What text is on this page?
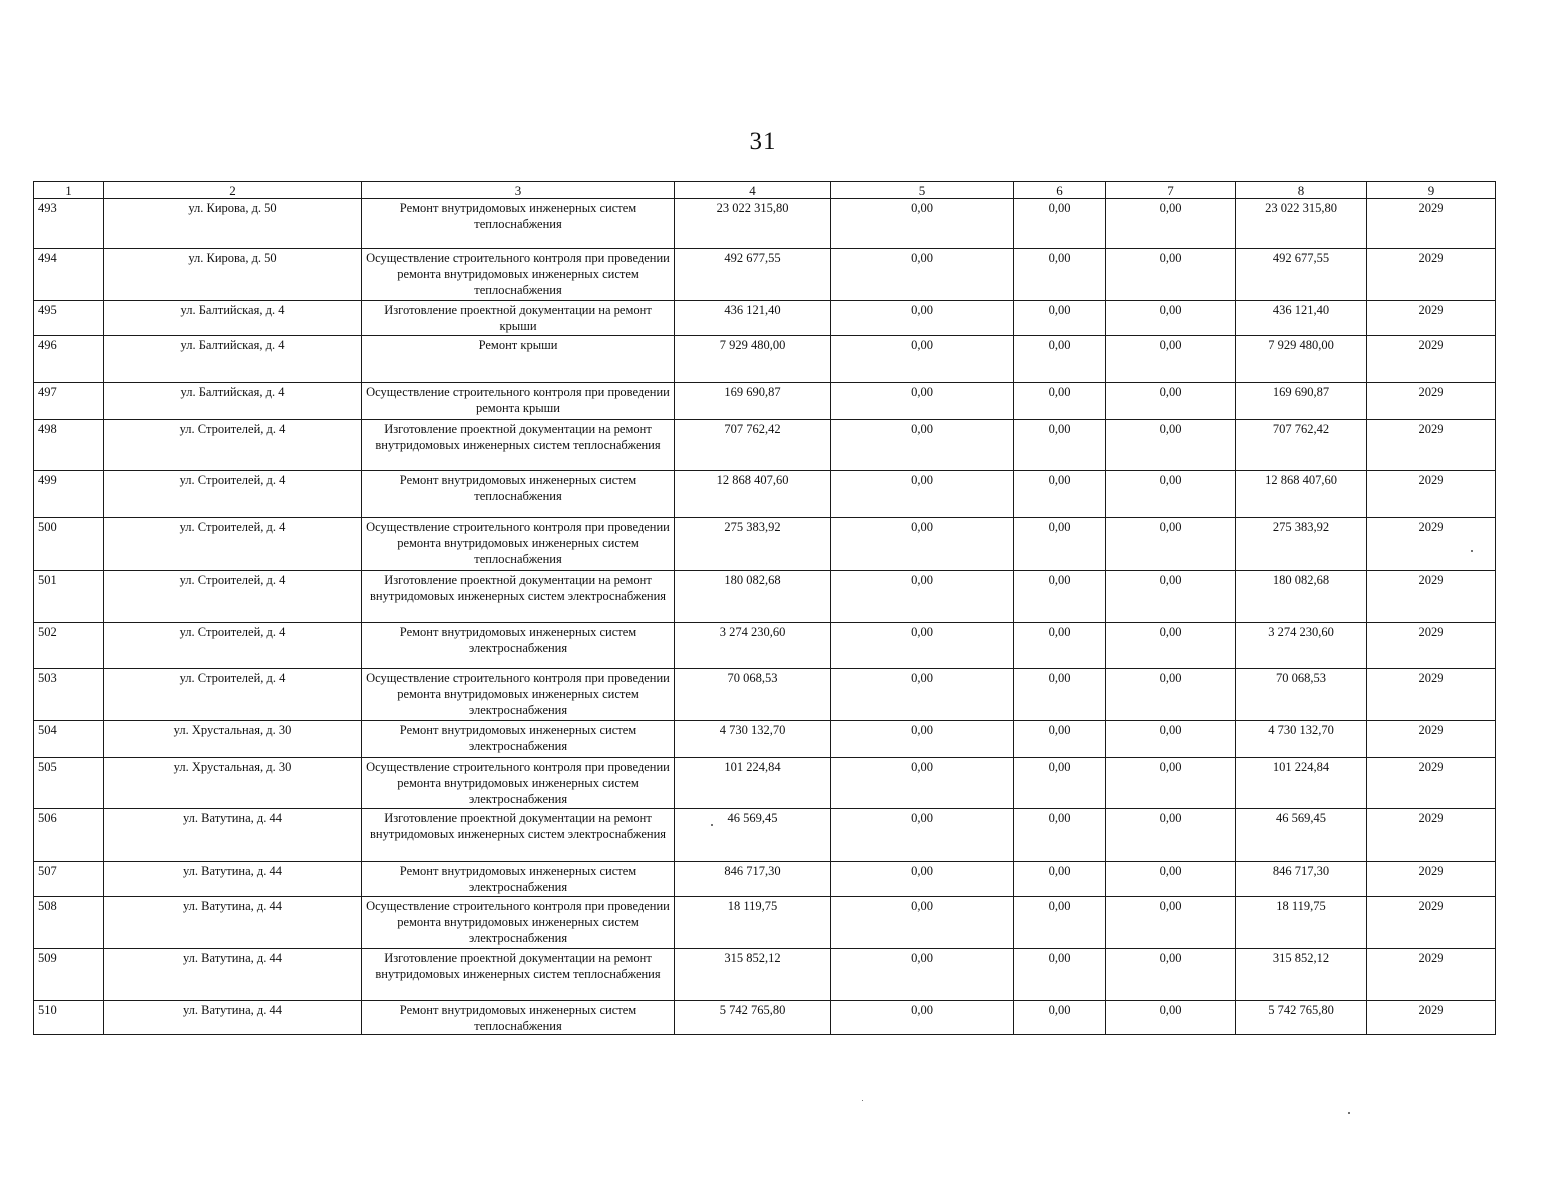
31
1	2	3	4	5	6	7	8	9
493	ул. Кирова, д. 50	Ремонт внутридомовых инженерных систем теплоснабжения	23 022 315,80	0,00	0,00	0,00	23 022 315,80	2029
494	ул. Кирова, д. 50	Осуществление строительного контроля при проведении ремонта внутридомовых инженерных систем теплоснабжения	492 677,55	0,00	0,00	0,00	492 677,55	2029
495	ул. Балтийская, д. 4	Изготовление проектной документации на ремонт крыши	436 121,40	0,00	0,00	0,00	436 121,40	2029
496	ул. Балтийская, д. 4	Ремонт крыши	7 929 480,00	0,00	0,00	0,00	7 929 480,00	2029
497	ул. Балтийская, д. 4	Осуществление строительного контроля при проведении ремонта крыши	169 690,87	0,00	0,00	0,00	169 690,87	2029
498	ул. Строителей, д. 4	Изготовление проектной документации на ремонт внутридомовых инженерных систем теплоснабжения	707 762,42	0,00	0,00	0,00	707 762,42	2029
499	ул. Строителей, д. 4	Ремонт внутридомовых инженерных систем теплоснабжения	12 868 407,60	0,00	0,00	0,00	12 868 407,60	2029
500	ул. Строителей, д. 4	Осуществление строительного контроля при проведении ремонта внутридомовых инженерных систем теплоснабжения	275 383,92	0,00	0,00	0,00	275 383,92	2029
501	ул. Строителей, д. 4	Изготовление проектной документации на ремонт внутридомовых инженерных систем электроснабжения	180 082,68	0,00	0,00	0,00	180 082,68	2029
502	ул. Строителей, д. 4	Ремонт внутридомовых инженерных систем электроснабжения	3 274 230,60	0,00	0,00	0,00	3 274 230,60	2029
503	ул. Строителей, д. 4	Осуществление строительного контроля при проведении ремонта внутридомовых инженерных систем электроснабжения	70 068,53	0,00	0,00	0,00	70 068,53	2029
504	ул. Хрустальная, д. 30	Ремонт внутридомовых инженерных систем электроснабжения	4 730 132,70	0,00	0,00	0,00	4 730 132,70	2029
505	ул. Хрустальная, д. 30	Осуществление строительного контроля при проведении ремонта внутридомовых инженерных систем электроснабжения	101 224,84	0,00	0,00	0,00	101 224,84	2029
506	ул. Ватутина, д. 44	Изготовление проектной документации на ремонт внутридомовых инженерных систем электроснабжения	46 569,45	0,00	0,00	0,00	46 569,45	2029
507	ул. Ватутина, д. 44	Ремонт внутридомовых инженерных систем электроснабжения	846 717,30	0,00	0,00	0,00	846 717,30	2029
508	ул. Ватутина, д. 44	Осуществление строительного контроля при проведении ремонта внутридомовых инженерных систем электроснабжения	18 119,75	0,00	0,00	0,00	18 119,75	2029
509	ул. Ватутина, д. 44	Изготовление проектной документации на ремонт внутридомовых инженерных систем теплоснабжения	315 852,12	0,00	0,00	0,00	315 852,12	2029
510	ул. Ватутина, д. 44	Ремонт внутридомовых инженерных систем теплоснабжения	5 742 765,80	0,00	0,00	0,00	5 742 765,80	2029
